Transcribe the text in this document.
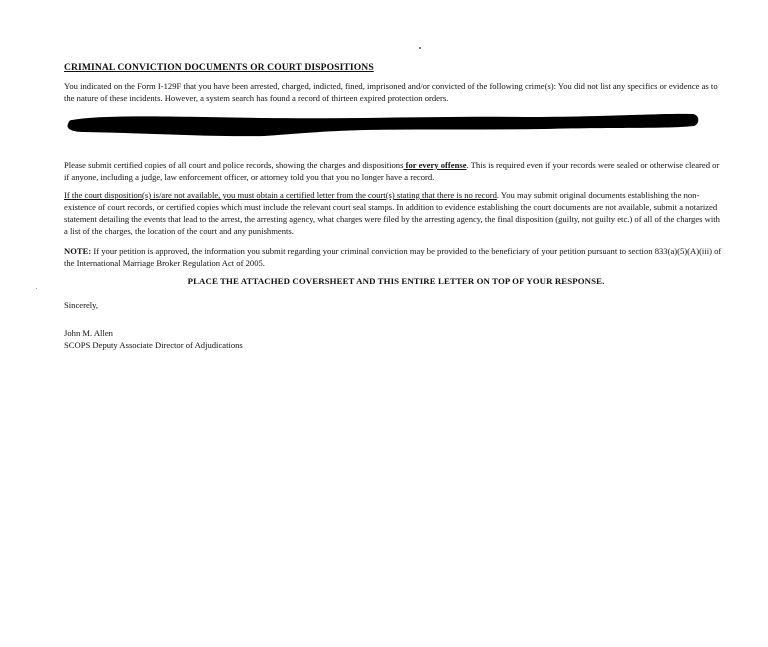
CRIMINAL CONVICTION DOCUMENTS OR COURT DISPOSITIONS

You indicated on the Form I-129F that you have been arrested, charged, indicted, fined, imprisoned and/or convicted of the following crime(s): You did not list any specifics or evidence as to the nature of these incidents. However, a system search has found a record of thirteen expired protection orders.

Please submit certified copies of all court and police records, showing the charges and dispositions for every offense. This is required even if your records were sealed or otherwise cleared or if anyone, including a judge, law enforcement officer, or attorney told you that you no longer have a record.

If the court disposition(s) is/are not available, you must obtain a certified letter from the court(s) stating that there is no record. You may submit original documents establishing the non-existence of court records, or certified copies which must include the relevant court seal stamps. In addition to evidence establishing the court documents are not available, submit a notarized statement detailing the events that lead to the arrest, the arresting agency, what charges were filed by the arresting agency, the final disposition (guilty, not guilty etc.) of all of the charges with a list of the charges, the location of the court and any punishments.

NOTE: If your petition is approved, the information you submit regarding your criminal conviction may be provided to the beneficiary of your petition pursuant to section 833(a)(5)(A)(iii) of the International Marriage Broker Regulation Act of 2005.

PLACE THE ATTACHED COVERSHEET AND THIS ENTIRE LETTER ON TOP OF YOUR RESPONSE.
Sincerely,
John M. Allen
SCOPS Deputy Associate Director of Adjudications
